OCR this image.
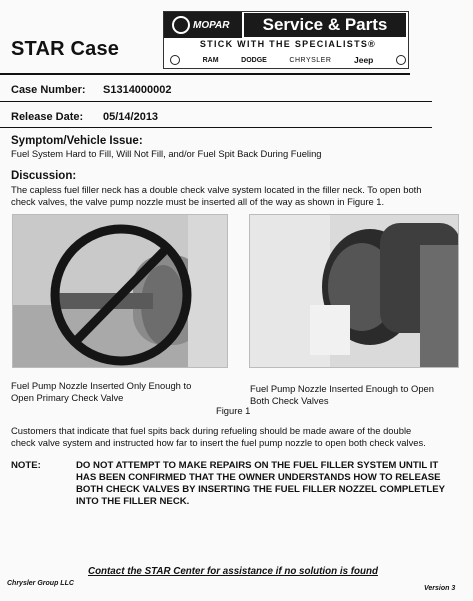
STAR Case
MOPAR	Service & Parts
STICK WITH THE SPECIALISTS®
RAM	DODGE	CHRYSLER	Jeep
Case Number: S1314000002
Release Date: 05/14/2013
Symptom/Vehicle Issue:
Fuel System Hard to Fill, Will Not Fill, and/or Fuel Spit Back During Fueling
Discussion:
The capless fuel filler neck has a double check valve system located in the filler neck. To open both
check valves, the valve pump nozzle must be inserted all of the way as shown in Figure 1.
Fuel Pump Nozzle Inserted Only Enough to
Open Primary Check Valve
Fuel Pump Nozzle Inserted Enough to Open
Both Check Valves
Figure 1
Customers that indicate that fuel spits back during refueling should be made aware of the double
check valve system and instructed how far to insert the fuel pump nozzle to open both check valves.
NOTE:	DO NOT ATTEMPT TO MAKE REPAIRS ON THE FUEL FILLER SYSTEM UNTIL IT
HAS BEEN CONFIRMED THAT THE OWNER UNDERSTANDS HOW TO RELEASE
BOTH CHECK VALVES BY INSERTING THE FUEL FILLER NOZZEL COMPLETLEY
INTO THE FILLER NECK.
Contact the STAR Center for assistance if no solution is found
Chrysler Group LLC
Version 3
